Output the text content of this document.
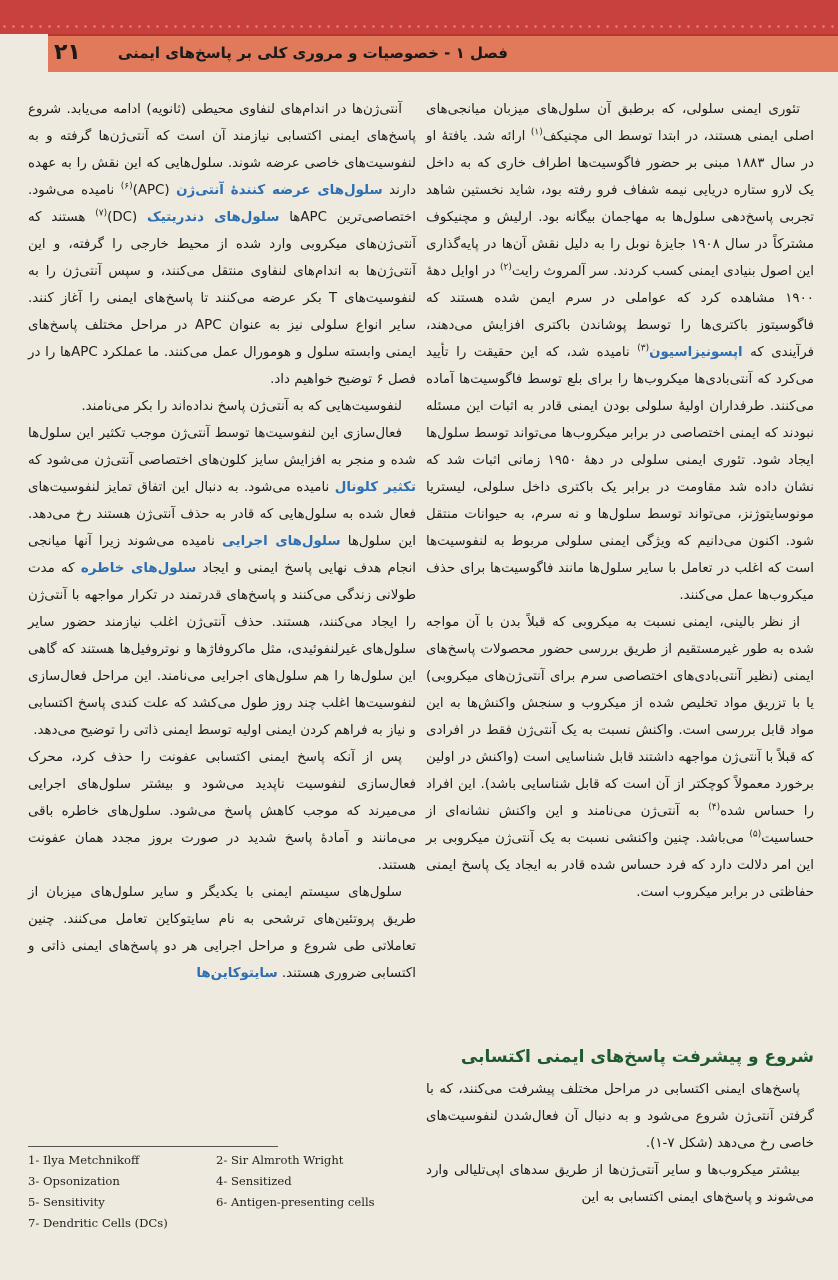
۲۱ فصل ۱ - خصوصیات و مروری کلی بر پاسخ‌های ایمنی

تئوری ایمنی سلولی، که برطبق آن سلول‌های میزبان میانجی‌های اصلی ایمنی هستند، در ابتدا توسط الی مچنیکف$^{(۱)}$ ارائه شد. یافتهٔ او در سال ۱۸۸۳ مبنی بر حضور فاگوسیت‌ها اطراف خاری که به داخل یک لارو ستاره دریایی نیمه شفاف فرو رفته بود، شاید نخستین شاهد تجربی پاسخ‌دهی سلول‌ها به مهاجمان بیگانه بود. ارلیش و مچنیکوف مشترکاً در سال ۱۹۰۸ جایزهٔ نوبل را به دلیل نقش آن‌ها در پایه‌گذاری این اصول بنیادی ایمنی کسب کردند. سر آلمروث رایت$^{(۲)}$ در اوایل دههٔ ۱۹۰۰ مشاهده کرد که عواملی در سرم ایمن شده هستند که فاگوسیتوز باکتری‌ها را توسط پوشاندن باکتری افزایش می‌دهند، فرآیندی که اپسونیزاسیون$^{(۳)}$ نامیده شد، که این حقیقت را تأیید می‌کرد که آنتی‌بادی‌ها میکروب‌ها را برای بلع توسط فاگوسیت‌ها آماده می‌کنند. طرفداران اولیهٔ سلولی بودن ایمنی قادر به اثبات این مسئله نبودند که ایمنی اختصاصی در برابر میکروب‌ها می‌تواند توسط سلول‌ها ایجاد شود. تئوری ایمنی سلولی در دههٔ ۱۹۵۰ زمانی اثبات شد که نشان داده شد مقاومت در برابر یک باکتری داخل سلولی، لیستریا مونوسایتوژنز، می‌تواند توسط سلول‌ها و نه سرم، به حیوانات منتقل شود. اکنون می‌دانیم که ویژگی ایمنی سلولی مربوط به لنفوسیت‌ها است که اغلب در تعامل با سایر سلول‌ها مانند فاگوسیت‌ها برای حذف میکروب‌ها عمل می‌کنند.

از نظر بالینی، ایمنی نسبت به میکروبی که قبلاً بدن با آن مواجه شده به طور غیرمستقیم از طریق بررسی حضور محصولات پاسخ‌های ایمنی (نظیر آنتی‌بادی‌های اختصاصی سرم برای آنتی‌ژن‌های میکروبی) یا با تزریق مواد تخلیص شده از میکروب و سنجش واکنش‌ها به این مواد قابل بررسی است. واکنش نسبت به یک آنتی‌ژن فقط در افرادی که قبلاً با آنتی‌ژن مواجهه داشتند قابل شناسایی است (واکنش در اولین برخورد معمولاً کوچکتر از آن است که قابل شناسایی باشد). این افراد را حساس شده$^{(۴)}$ به آنتی‌ژن می‌نامند و این واکنش نشانه‌ای از حساسیت$^{(۵)}$ می‌باشد. چنین واکنشی نسبت به یک آنتی‌ژن میکروبی بر این امر دلالت دارد که فرد حساس شده قادر به ایجاد یک پاسخ ایمنی حفاظتی در برابر میکروب است.

شروع و پیشرفت پاسخ‌های ایمنی اکتسابی

پاسخ‌های ایمنی اکتسابی در مراحل مختلف پیشرفت می‌کنند، که با گرفتن آنتی‌ژن شروع می‌شود و به دنبال آن فعال‌شدن لنفوسیت‌های خاصی رخ می‌دهد (شکل ۷-۱).

بیشتر میکروب‌ها و سایر آنتی‌ژن‌ها از طریق سدهای اپی‌تلیالی وارد می‌شوند و پاسخ‌های ایمنی اکتسابی به این

آنتی‌ژن‌ها در اندام‌های لنفاوی محیطی (ثانویه) ادامه می‌یابد. شروع پاسخ‌های ایمنی اکتسابی نیازمند آن است که آنتی‌ژن‌ها گرفته و به لنفوسیت‌های خاصی عرضه شوند. سلول‌هایی که این نقش را به عهده دارند سلول‌های عرضه کنندهٔ آنتی‌ژن (APC)$^{(۶)}$ نامیده می‌شود. اختصاصی‌ترین APCها سلول‌های دندریتیک (DC)$^{(۷)}$ هستند که آنتی‌ژن‌های میکروبی وارد شده از محیط خارجی را گرفته، و این آنتی‌ژن‌ها به اندام‌های لنفاوی منتقل می‌کنند، و سپس آنتی‌ژن را به لنفوسیت‌های T بکر عرضه می‌کنند تا پاسخ‌های ایمنی را آغاز کنند. سایر انواع سلولی نیز به عنوان APC در مراحل مختلف پاسخ‌های ایمنی وابسته سلول و هومورال عمل می‌کنند. ما عملکرد APCها را در فصل ۶ توضیح خواهیم داد.

لنفوسیت‌هایی که به آنتی‌ژن پاسخ نداده‌اند را بکر می‌نامند.

فعال‌سازی این لنفوسیت‌ها توسط آنتی‌ژن موجب تکثیر این سلول‌ها شده و منجر به افزایش سایز کلون‌های اختصاصی آنتی‌ژن می‌شود که تکثیر کلونال نامیده می‌شود. به دنبال این اتفاق تمایز لنفوسیت‌های فعال شده به سلول‌هایی که قادر به حذف آنتی‌ژن هستند رخ می‌دهد. این سلول‌ها سلول‌های اجرایی نامیده می‌شوند زیرا آنها میانجی انجام هدف نهایی پاسخ ایمنی و ایجاد سلول‌های خاطره که مدت طولانی زندگی می‌کنند و پاسخ‌های قدرتمند در تکرار مواجهه با آنتی‌ژن را ایجاد می‌کنند، هستند. حذف آنتی‌ژن اغلب نیازمند حضور سایر سلول‌های غیرلنفوئیدی، مثل ماکروفاژها و نوتروفیل‌ها هستند که گاهی این سلول‌ها را هم سلول‌های اجرایی می‌نامند. این مراحل فعال‌سازی لنفوسیت‌ها اغلب چند روز طول می‌کشد که علت کندی پاسخ اکتسابی و نیاز به فراهم کردن ایمنی اولیه توسط ایمنی ذاتی را توضیح می‌دهد.

پس از آنکه پاسخ ایمنی اکتسابی عفونت را حذف کرد، محرک فعال‌سازی لنفوسیت ناپدید می‌شود و بیشتر سلول‌های اجرایی می‌میرند که موجب کاهش پاسخ می‌شود. سلول‌های خاطره باقی می‌مانند و آمادهٔ پاسخ شدید در صورت بروز مجدد همان عفونت هستند.

سلول‌های سیستم ایمنی با یکدیگر و سایر سلول‌های میزبان از طریق پروتئین‌های ترشحی به نام سایتوکاین تعامل می‌کنند. چنین تعاملاتی طی شروع و مراحل اجرایی هر دو پاسخ‌های ایمنی ذاتی و اکتسابی ضروری هستند. سایتوکاین‌ها

1- Ilya Metchnikoff	2- Sir Almroth Wright
3- Opsonization	4- Sensitized
5- Sensitivity	6- Antigen-presenting cells
7- Dendritic Cells (DCs)
